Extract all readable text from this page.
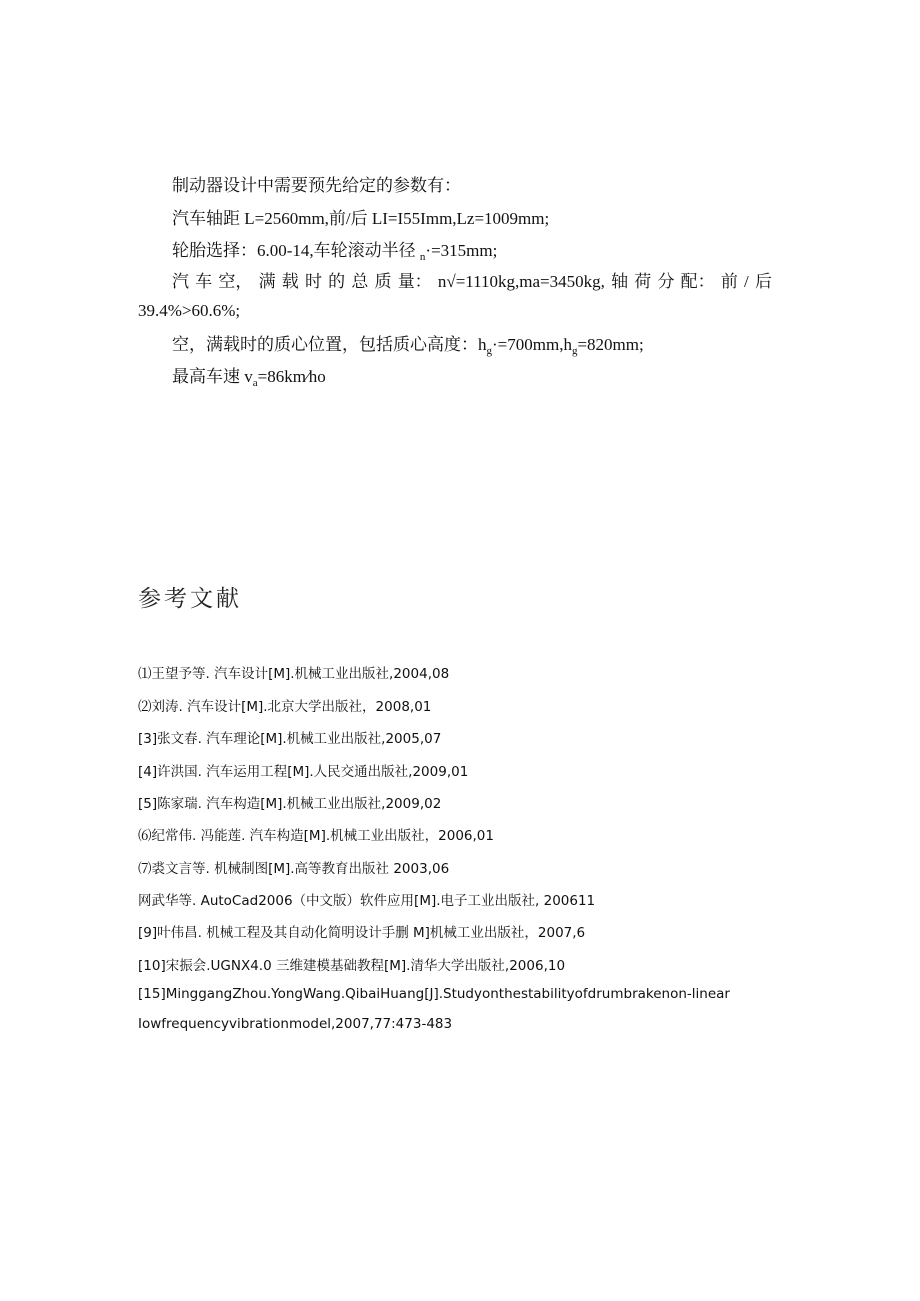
制动器设计中需要预先给定的参数有：
汽车轴距 L=2560mm,前/后 LI=I55Imm,Lz=1009mm;
轮胎选择：6.00-14,车轮滚动半径 $_n$·=315mm;
汽 车 空， 满 载 时 的 总 质 量： n√=1110kg,ma=3450kg, 轴 荷 分 配： 前 / 后
39.4%>60.6%;
空，满载时的质心位置，包括质心高度：$h_g\cdot=700mm,h_g=820mm$;
最高车速 $v_a=86km∕ho$
参考文献
⑴王望予等. 汽车设计[M].机械工业出版社,2004,08
⑵刘涛. 汽车设计[M].北京大学出版社，2008,01
[3]张文春. 汽车理论[M].机械工业出版社,2005,07
[4]许洪国. 汽车运用工程[M].人民交通出版社,2009,01
[5]陈家瑞. 汽车构造[M].机械工业出版社,2009,02
⑹纪常伟. 冯能莲. 汽车构造[M].机械工业出版社，2006,01
⑺裘文言等. 机械制图[M].高等教育出版社 2003,06
网武华等. AutoCad2006（中文版）软件应用[M].电子工业出版社, 200611
[9]叶伟昌. 机械工程及其自动化简明设计手删 M]机械工业出版社，2007,6
[10]宋振会.UGNX4.0 三维建模基础教程[M].清华大学出版社,2006,10
[15]MinggangZhou.YongWang.QibaiHuang[J].Studyonthestabilityofdrumbrakenon-linear
Iowfrequencyvibrationmodel,2007,77:473-483
